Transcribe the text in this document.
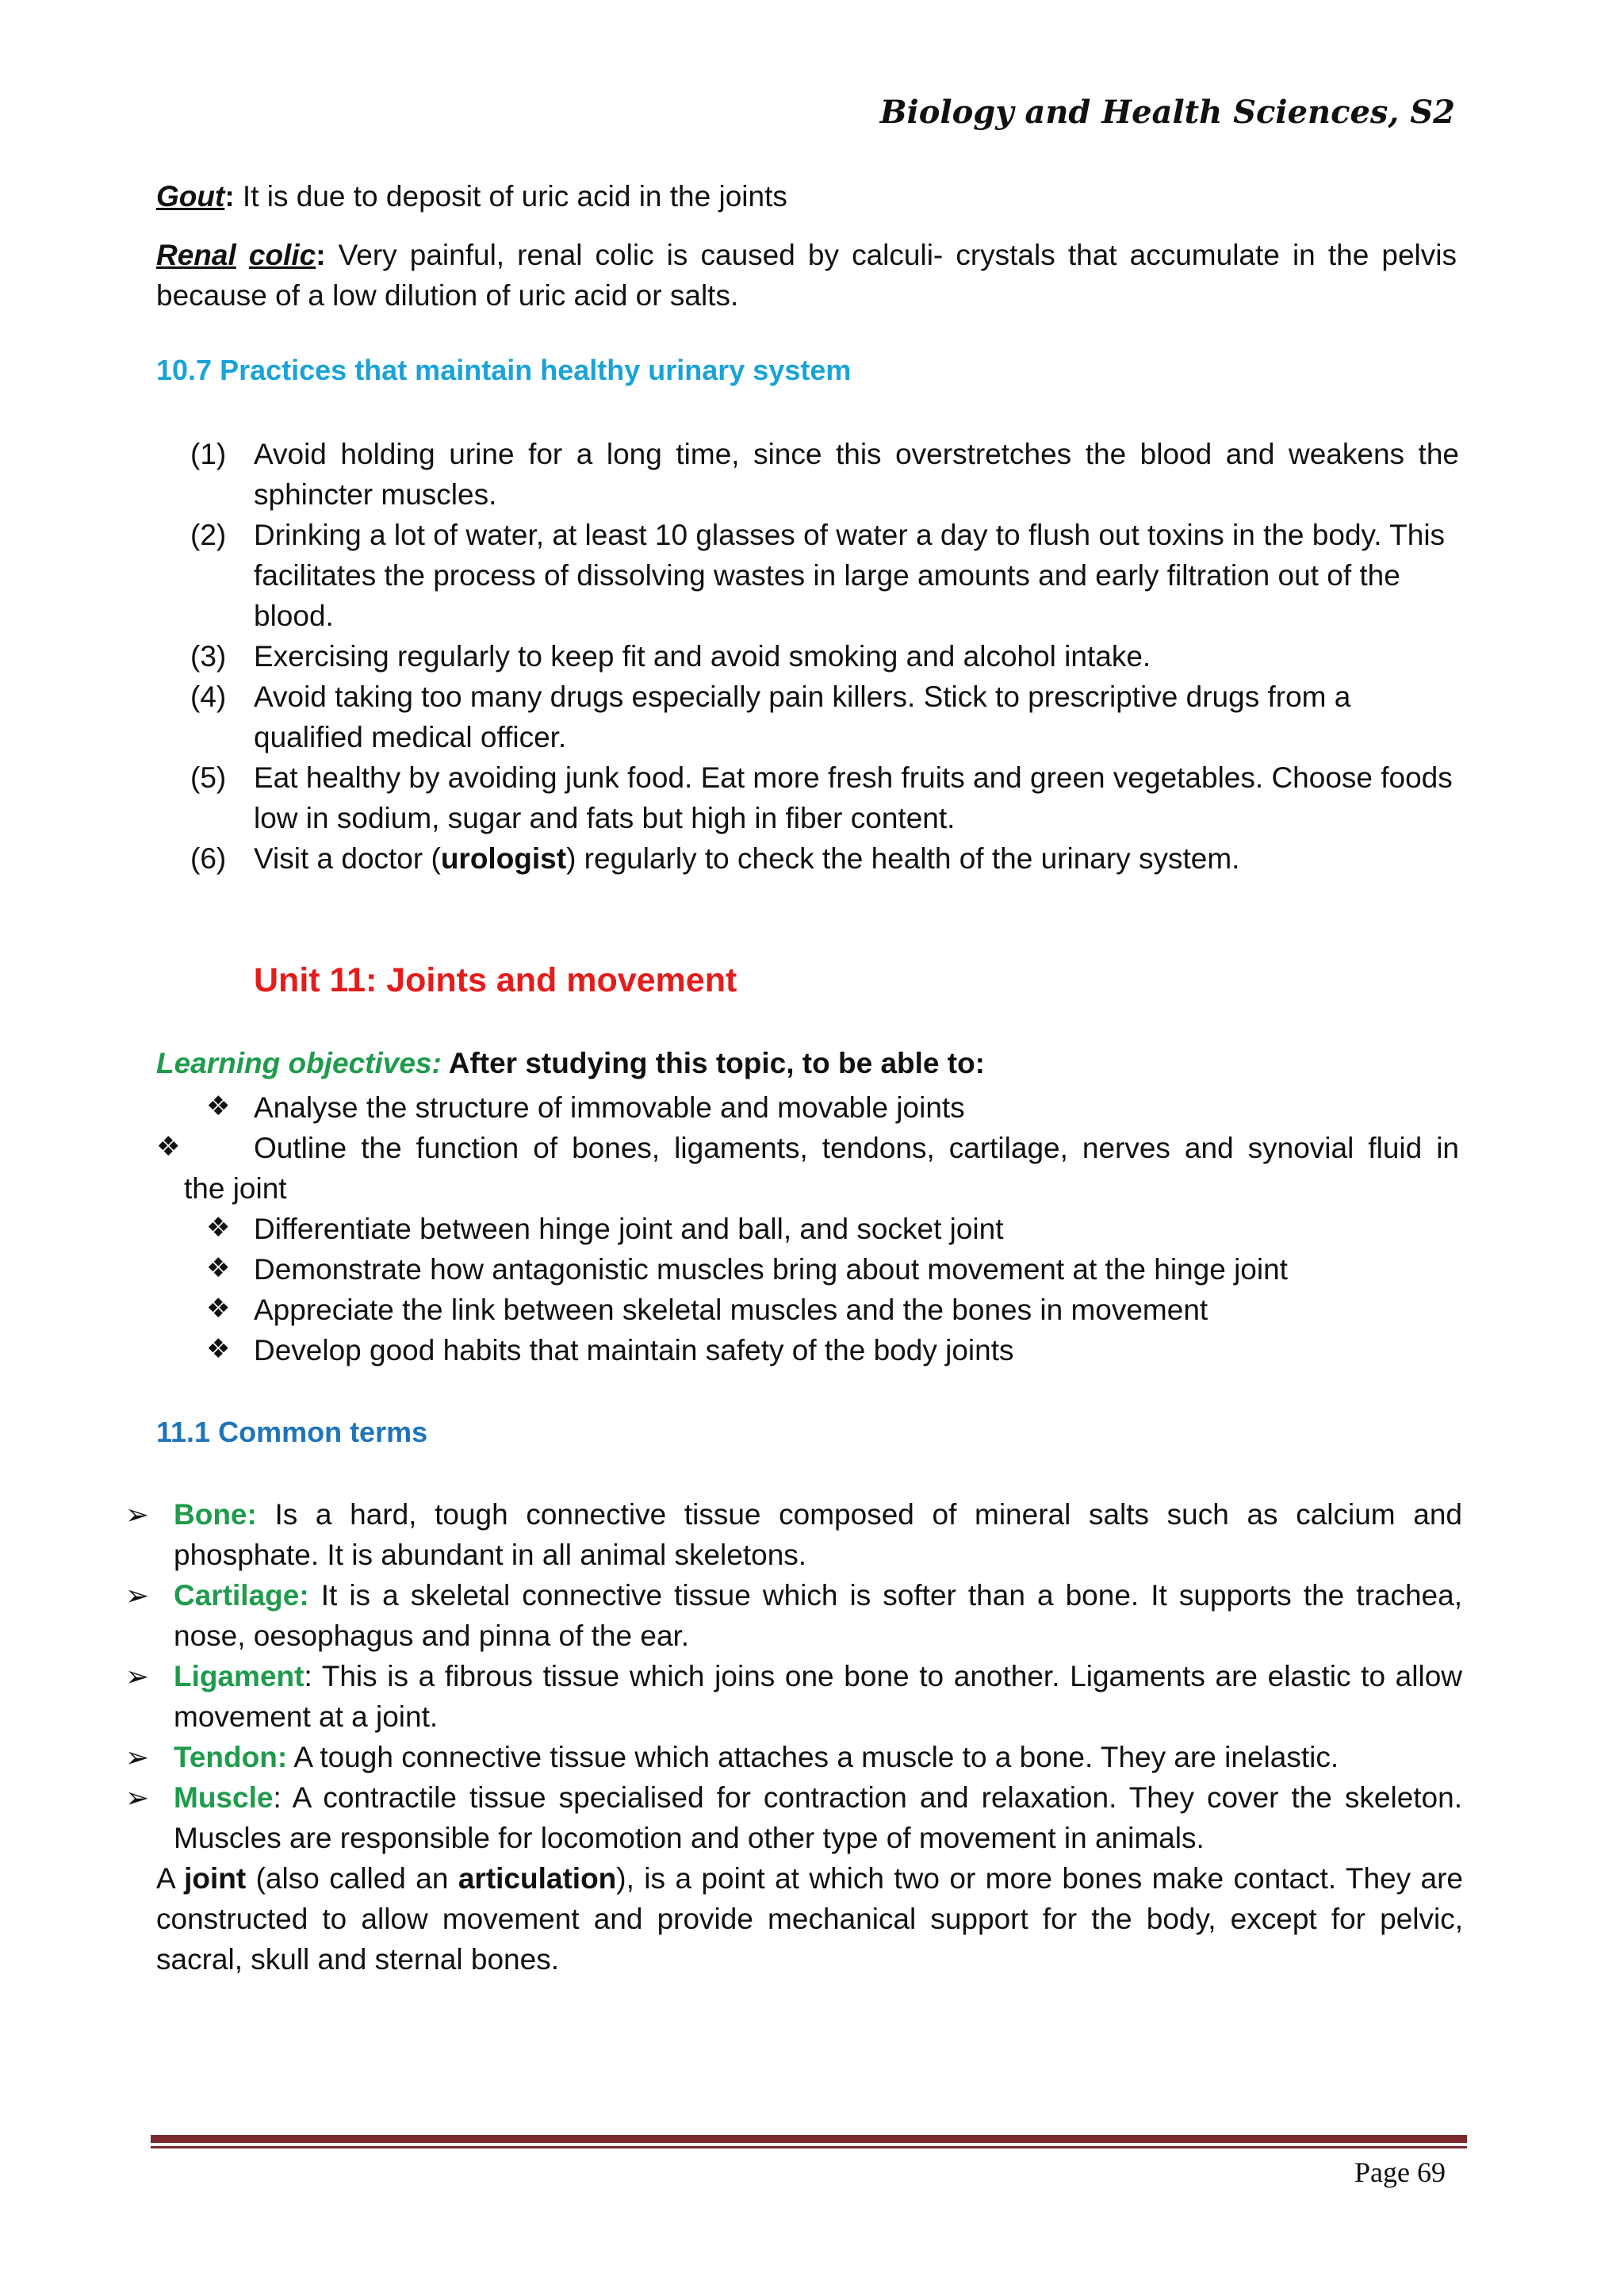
Biology and Health Sciences, S2
Gout: It is due to deposit of uric acid in the joints
Renal colic: Very painful, renal colic is caused by calculi- crystals that accumulate in the pelvis because of a low dilution of uric acid or salts.
10.7 Practices that maintain healthy urinary system
(1) Avoid holding urine for a long time, since this overstretches the blood and weakens the sphincter muscles.
(2) Drinking a lot of water, at least 10 glasses of water a day to flush out toxins in the body. This facilitates the process of dissolving wastes in large amounts and early filtration out of the blood.
(3) Exercising regularly to keep fit and avoid smoking and alcohol intake.
(4) Avoid taking too many drugs especially pain killers. Stick to prescriptive drugs from a qualified medical officer.
(5) Eat healthy by avoiding junk food. Eat more fresh fruits and green vegetables. Choose foods low in sodium, sugar and fats but high in fiber content.
(6) Visit a doctor (urologist) regularly to check the health of the urinary system.
Unit 11: Joints and movement
Learning objectives: After studying this topic, to be able to:
❖ Analyse the structure of immovable and movable joints
❖	Outline the function of bones, ligaments, tendons, cartilage, nerves and synovial fluid in
the joint
❖ Differentiate between hinge joint and ball, and socket joint
❖ Demonstrate how antagonistic muscles bring about movement at the hinge joint
❖ Appreciate the link between skeletal muscles and the bones in movement
❖ Develop good habits that maintain safety of the body joints
11.1 Common terms
➢ Bone: Is a hard, tough connective tissue composed of mineral salts such as calcium and phosphate. It is abundant in all animal skeletons.
➢ Cartilage: It is a skeletal connective tissue which is softer than a bone. It supports the trachea, nose, oesophagus and pinna of the ear.
➢ Ligament: This is a fibrous tissue which joins one bone to another. Ligaments are elastic to allow movement at a joint.
➢ Tendon: A tough connective tissue which attaches a muscle to a bone. They are inelastic.
➢ Muscle: A contractile tissue specialised for contraction and relaxation. They cover the skeleton. Muscles are responsible for locomotion and other type of movement in animals.
A joint (also called an articulation), is a point at which two or more bones make contact. They are constructed to allow movement and provide mechanical support for the body, except for pelvic, sacral, skull and sternal bones.
Page 69
